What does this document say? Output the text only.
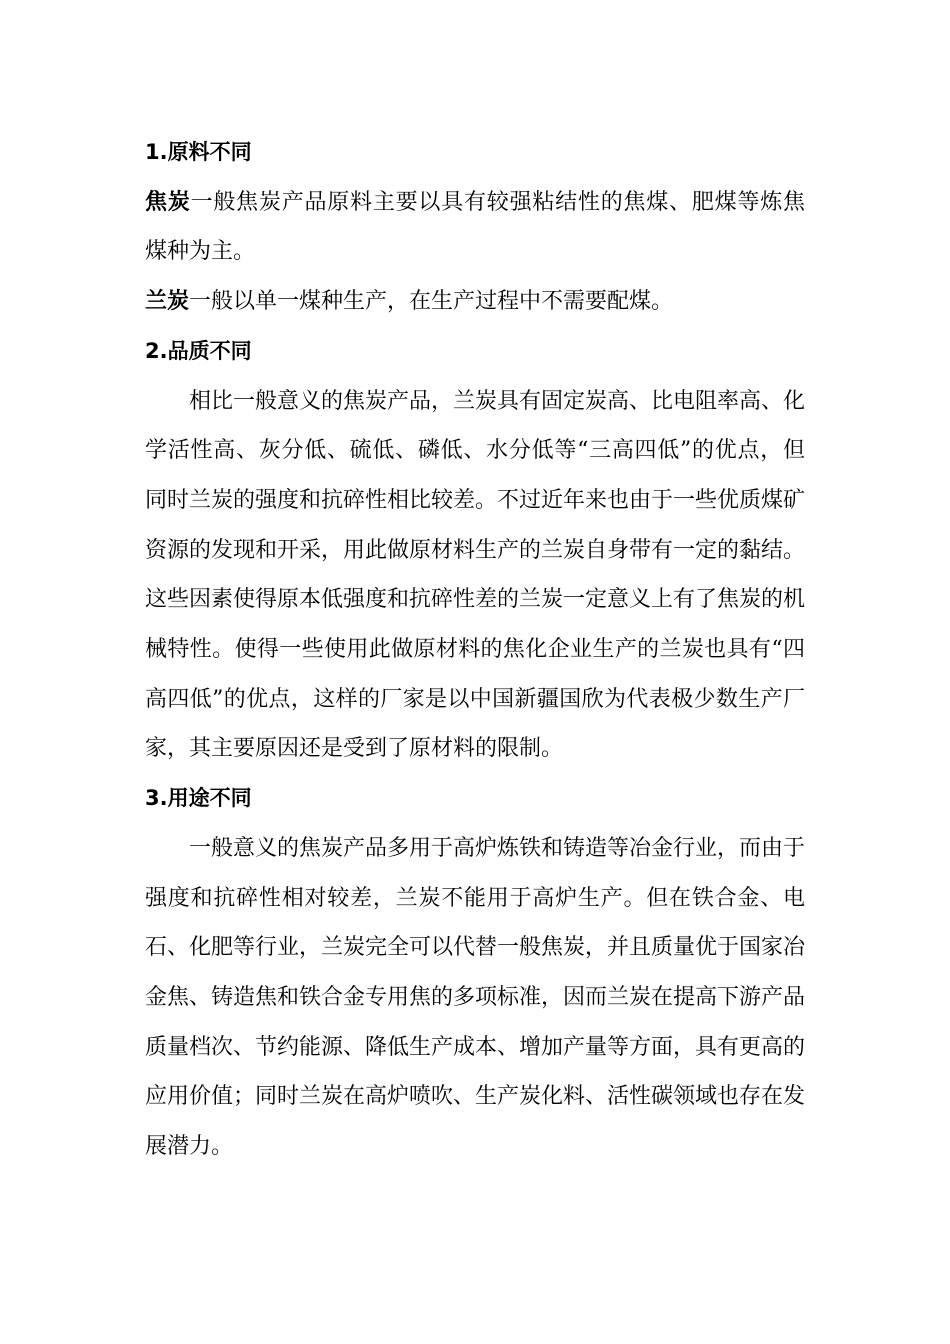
1.原料不同

焦炭一般焦炭产品原料主要以具有较强粘结性的焦煤、肥煤等炼焦煤种为主。

兰炭一般以单一煤种生产，在生产过程中不需要配煤。

2.品质不同

相比一般意义的焦炭产品，兰炭具有固定炭高、比电阻率高、化学活性高、灰分低、硫低、磷低、水分低等“三高四低”的优点，但同时兰炭的强度和抗碎性相比较差。不过近年来也由于一些优质煤矿资源的发现和开采，用此做原材料生产的兰炭自身带有一定的黏结。这些因素使得原本低强度和抗碎性差的兰炭一定意义上有了焦炭的机械特性。使得一些使用此做原材料的焦化企业生产的兰炭也具有“四高四低”的优点，这样的厂家是以中国新疆国欣为代表极少数生产厂家，其主要原因还是受到了原材料的限制。

3.用途不同

一般意义的焦炭产品多用于高炉炼铁和铸造等冶金行业，而由于强度和抗碎性相对较差，兰炭不能用于高炉生产。但在铁合金、电石、化肥等行业，兰炭完全可以代替一般焦炭，并且质量优于国家冶金焦、铸造焦和铁合金专用焦的多项标准，因而兰炭在提高下游产品质量档次、节约能源、降低生产成本、增加产量等方面，具有更高的应用价值；同时兰炭在高炉喷吹、生产炭化料、活性碳领域也存在发展潜力。
